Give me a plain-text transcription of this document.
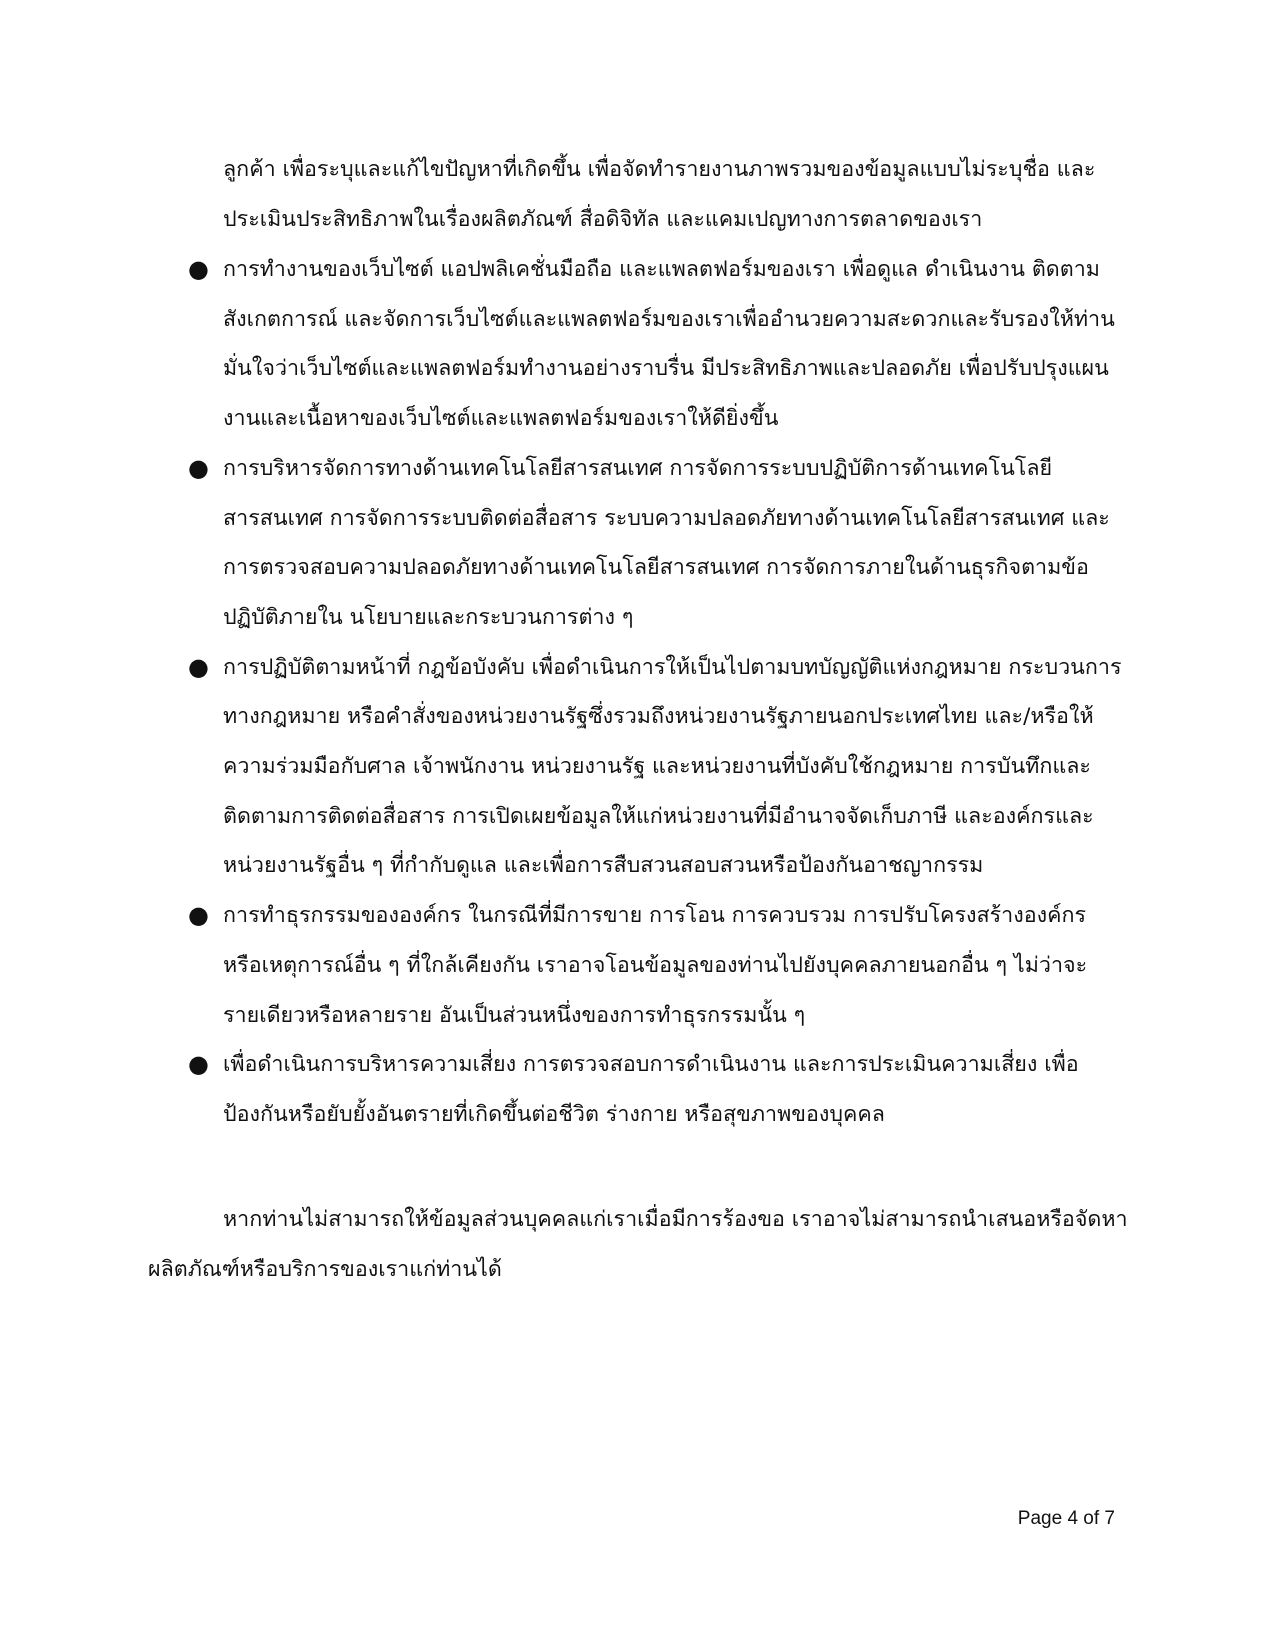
ลูกค้า เพื่อระบุและแก้ไขปัญหาที่เกิดขึ้น เพื่อจัดทำรายงานภาพรวมของข้อมูลแบบไม่ระบุชื่อ และประเมินประสิทธิภาพในเรื่องผลิตภัณฑ์ สื่อดิจิทัล และแคมเปญทางการตลาดของเรา

● การทำงานของเว็บไซต์ แอปพลิเคชั่นมือถือ และแพลตฟอร์มของเรา เพื่อดูแล ดำเนินงาน ติดตาม สังเกตการณ์ และจัดการเว็บไซต์และแพลตฟอร์มของเราเพื่ออำนวยความสะดวกและรับรองให้ท่านมั่นใจว่าเว็บไซต์และแพลตฟอร์มทำงานอย่างราบรื่น มีประสิทธิภาพและปลอดภัย เพื่อปรับปรุงแผนงานและเนื้อหาของเว็บไซต์และแพลตฟอร์มของเราให้ดียิ่งขึ้น
● การบริหารจัดการทางด้านเทคโนโลยีสารสนเทศ การจัดการระบบปฏิบัติการด้านเทคโนโลยีสารสนเทศ การจัดการระบบติดต่อสื่อสาร ระบบความปลอดภัยทางด้านเทคโนโลยีสารสนเทศ และการตรวจสอบความปลอดภัยทางด้านเทคโนโลยีสารสนเทศ การจัดการภายในด้านธุรกิจตามข้อปฏิบัติภายใน นโยบายและกระบวนการต่าง ๆ
● การปฏิบัติตามหน้าที่ กฎข้อบังคับ เพื่อดำเนินการให้เป็นไปตามบทบัญญัติแห่งกฎหมาย กระบวนการทางกฎหมาย หรือคำสั่งของหน่วยงานรัฐซึ่งรวมถึงหน่วยงานรัฐภายนอกประเทศไทย และ/หรือให้ความร่วมมือกับศาล เจ้าพนักงาน หน่วยงานรัฐ และหน่วยงานที่บังคับใช้กฎหมาย การบันทึกและติดตามการติดต่อสื่อสาร การเปิดเผยข้อมูลให้แก่หน่วยงานที่มีอำนาจจัดเก็บภาษี และองค์กรและหน่วยงานรัฐอื่น ๆ ที่กำกับดูแล และเพื่อการสืบสวนสอบสวนหรือป้องกันอาชญากรรม
● การทำธุรกรรมขององค์กร ในกรณีที่มีการขาย การโอน การควบรวม การปรับโครงสร้างองค์กร หรือเหตุการณ์อื่น ๆ ที่ใกล้เคียงกัน เราอาจโอนข้อมูลของท่านไปยังบุคคลภายนอกอื่น ๆ ไม่ว่าจะรายเดียวหรือหลายราย อันเป็นส่วนหนึ่งของการทำธุรกรรมนั้น ๆ
● เพื่อดำเนินการบริหารความเสี่ยง การตรวจสอบการดำเนินงาน และการประเมินความเสี่ยง เพื่อป้องกันหรือยับยั้งอันตรายที่เกิดขึ้นต่อชีวิต ร่างกาย หรือสุขภาพของบุคคล

หากท่านไม่สามารถให้ข้อมูลส่วนบุคคลแก่เราเมื่อมีการร้องขอ เราอาจไม่สามารถนำเสนอหรือจัดหาผลิตภัณฑ์หรือบริการของเราแก่ท่านได้

Page 4 of 7
